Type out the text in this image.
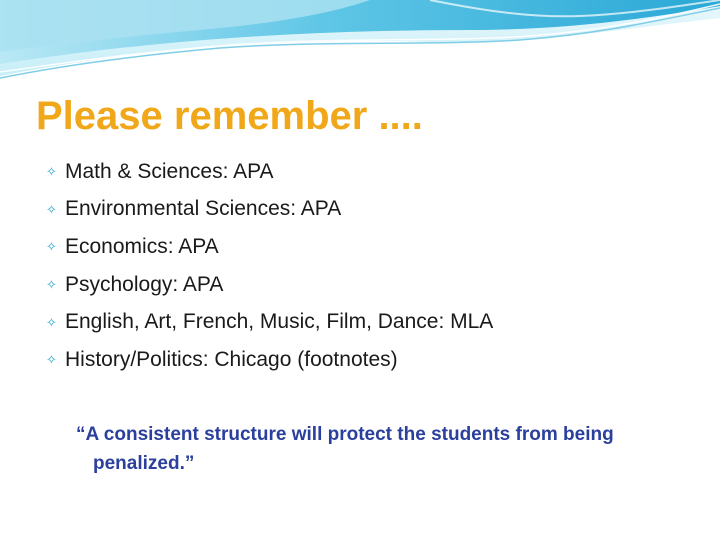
Please remember ....
✧ Math & Sciences: APA
✧ Environmental Sciences: APA
✧ Economics: APA
✧ Psychology: APA
✧ English, Art, French, Music, Film, Dance: MLA
✧ History/Politics: Chicago (footnotes)

“A consistent structure will protect the students from being penalized.”
